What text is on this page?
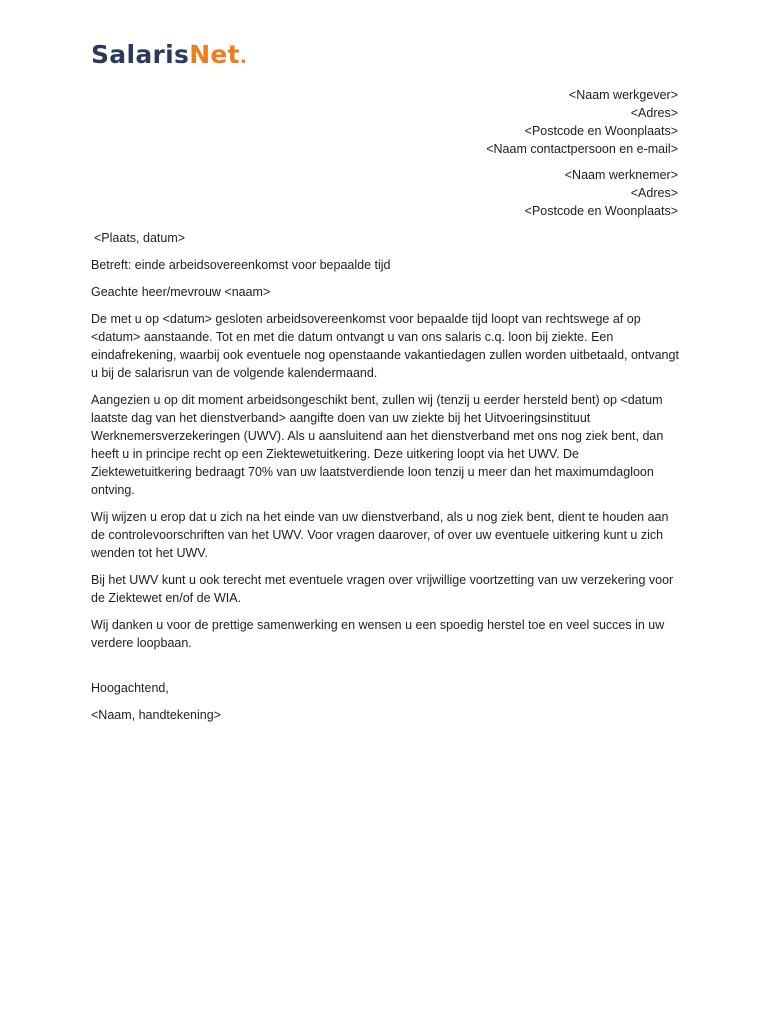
SalarisNet.
<Naam werkgever>
<Adres>
<Postcode en Woonplaats>
<Naam contactpersoon en e-mail>
<Naam werknemer>
<Adres>
<Postcode en Woonplaats>

<Plaats, datum>

Betreft: einde arbeidsovereenkomst voor bepaalde tijd

Geachte heer/mevrouw <naam>

De met u op <datum> gesloten arbeidsovereenkomst voor bepaalde tijd loopt van rechtswege af op <datum> aanstaande. Tot en met die datum ontvangt u van ons salaris c.q. loon bij ziekte. Een eindafrekening, waarbij ook eventuele nog openstaande vakantiedagen zullen worden uitbetaald, ontvangt u bij de salarisrun van de volgende kalendermaand.

Aangezien u op dit moment arbeidsongeschikt bent, zullen wij (tenzij u eerder hersteld bent) op <datum laatste dag van het dienstverband> aangifte doen van uw ziekte bij het Uitvoeringsinstituut Werknemersverzekeringen (UWV). Als u aansluitend aan het dienstverband met ons nog ziek bent, dan heeft u in principe recht op een Ziektewetuitkering. Deze uitkering loopt via het UWV. De Ziektewetuitkering bedraagt 70% van uw laatstverdiende loon tenzij u meer dan het maximumdagloon ontving.

Wij wijzen u erop dat u zich na het einde van uw dienstverband, als u nog ziek bent, dient te houden aan de controlevoorschriften van het UWV. Voor vragen daarover, of over uw eventuele uitkering kunt u zich wenden tot het UWV.

Bij het UWV kunt u ook terecht met eventuele vragen over vrijwillige voortzetting van uw verzekering voor de Ziektewet en/of de WIA.

Wij danken u voor de prettige samenwerking en wensen u een spoedig herstel toe en veel succes in uw verdere loopbaan.

Hoogachtend,

<Naam, handtekening>
